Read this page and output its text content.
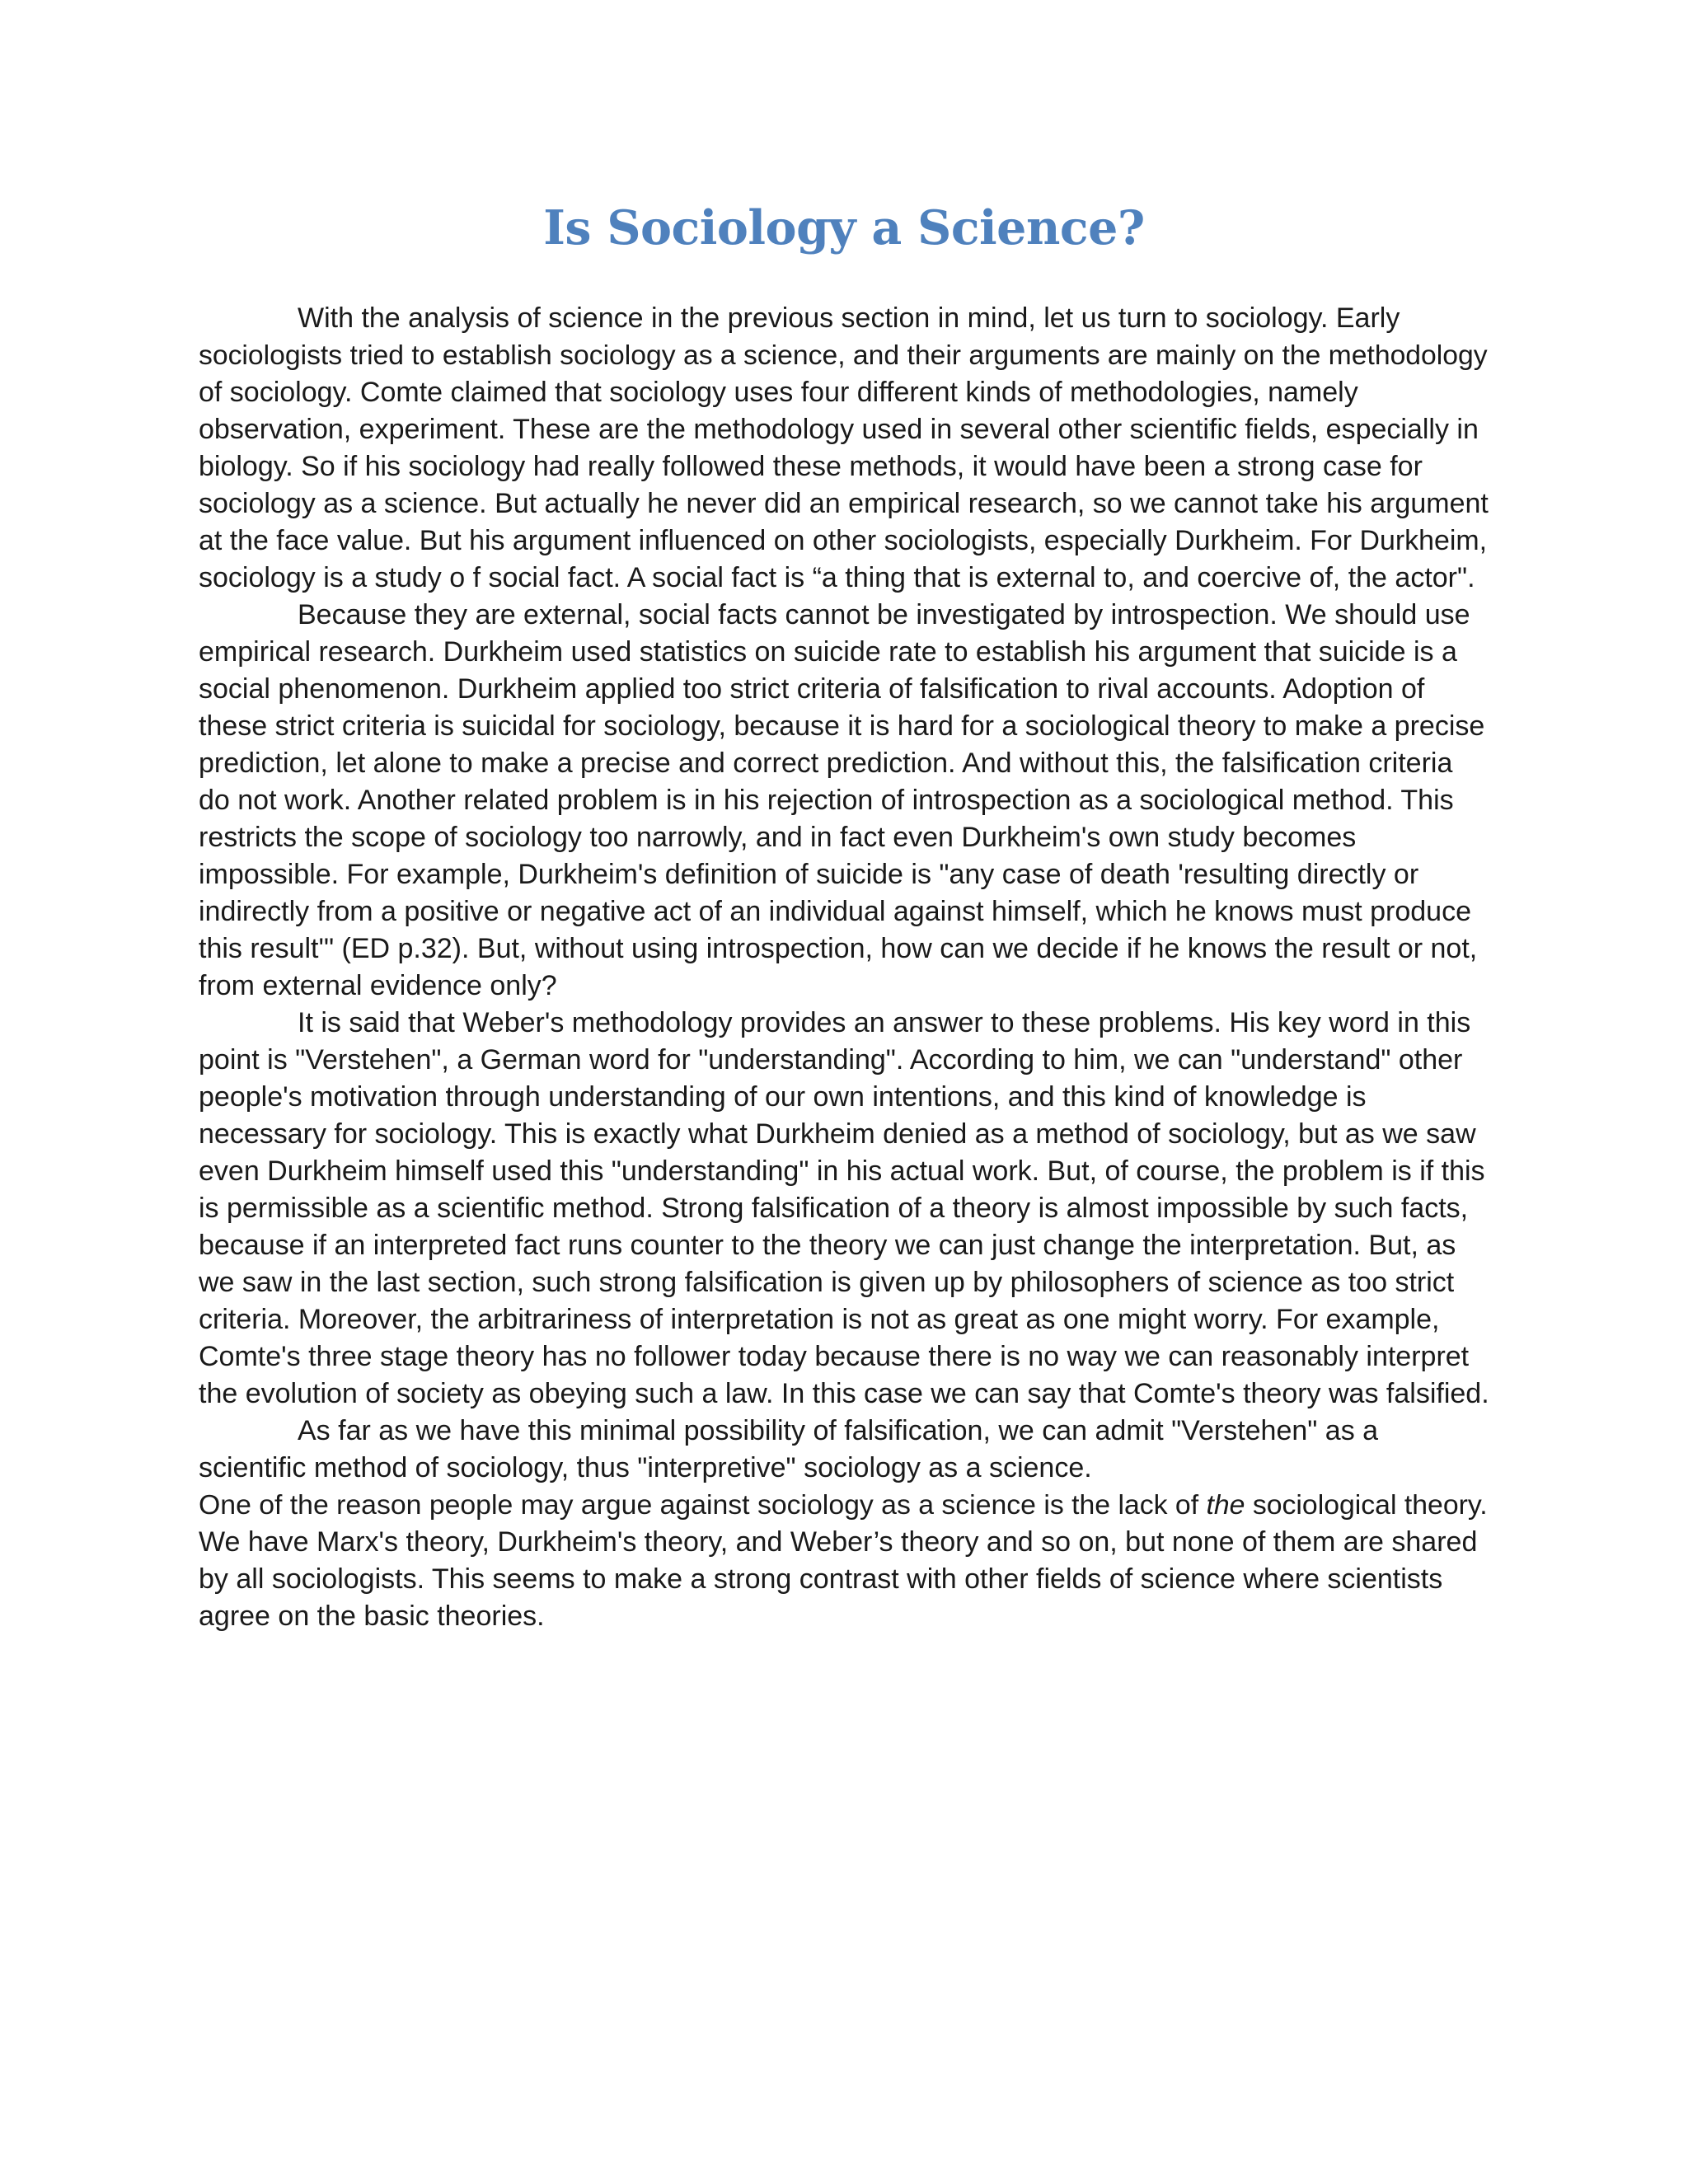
Is Sociology a Science?

With the analysis of science in the previous section in mind, let us turn to sociology. Early
sociologists tried to establish sociology as a science, and their arguments are mainly on the methodology
of sociology. Comte claimed that sociology uses four different kinds of methodologies, namely
observation, experiment. These are the methodology used in several other scientific fields, especially in
biology. So if his sociology had really followed these methods, it would have been a strong case for
sociology as a science. But actually he never did an empirical research, so we cannot take his argument
at the face value. But his argument influenced on other sociologists, especially Durkheim. For Durkheim,
sociology is a study o f social fact. A social fact is “a thing that is external to, and coercive of, the actor".

Because they are external, social facts cannot be investigated by introspection. We should use
empirical research. Durkheim used statistics on suicide rate to establish his argument that suicide is a
social phenomenon. Durkheim applied too strict criteria of falsification to rival accounts. Adoption of
these strict criteria is suicidal for sociology, because it is hard for a sociological theory to make a precise
prediction, let alone to make a precise and correct prediction. And without this, the falsification criteria
do not work. Another related problem is in his rejection of introspection as a sociological method. This
restricts the scope of sociology too narrowly, and in fact even Durkheim's own study becomes
impossible. For example, Durkheim's definition of suicide is "any case of death 'resulting directly or
indirectly from a positive or negative act of an individual against himself, which he knows must produce
this result'" (ED p.32). But, without using introspection, how can we decide if he knows the result or not,
from external evidence only?

It is said that Weber's methodology provides an answer to these problems. His key word in this
point is "Verstehen", a German word for "understanding". According to him, we can "understand" other
people's motivation through understanding of our own intentions, and this kind of knowledge is
necessary for sociology. This is exactly what Durkheim denied as a method of sociology, but as we saw
even Durkheim himself used this "understanding" in his actual work. But, of course, the problem is if this
is permissible as a scientific method. Strong falsification of a theory is almost impossible by such facts,
because if an interpreted fact runs counter to the theory we can just change the interpretation. But, as
we saw in the last section, such strong falsification is given up by philosophers of science as too strict
criteria. Moreover, the arbitrariness of interpretation is not as great as one might worry. For example,
Comte's three stage theory has no follower today because there is no way we can reasonably interpret
the evolution of society as obeying such a law. In this case we can say that Comte's theory was falsified.

As far as we have this minimal possibility of falsification, we can admit "Verstehen" as a
scientific method of sociology, thus "interpretive" sociology as a science.

One of the reason people may argue against sociology as a science is the lack of the sociological theory.
We have Marx's theory, Durkheim's theory, and Weber’s theory and so on, but none of them are shared
by all sociologists. This seems to make a strong contrast with other fields of science where scientists
agree on the basic theories.
